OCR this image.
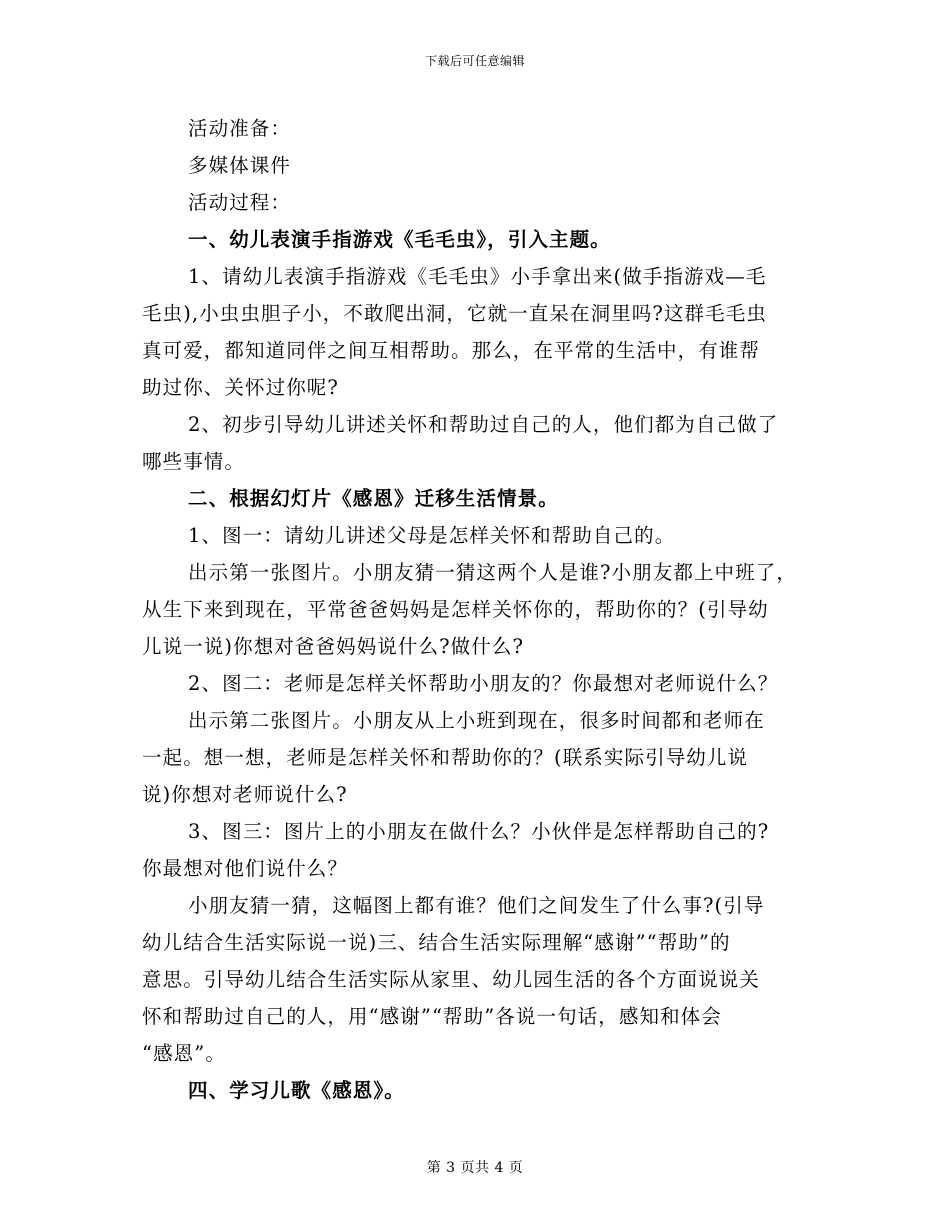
下载后可任意编辑

活动准备：

多媒体课件

活动过程：

一、幼儿表演手指游戏《毛毛虫》，引入主题。

1、请幼儿表演手指游戏《毛毛虫》小手拿出来(做手指游戏—毛
毛虫),小虫虫胆子小，不敢爬出洞，它就一直呆在洞里吗?这群毛毛虫
真可爱，都知道同伴之间互相帮助。那么，在平常的生活中，有谁帮
助过你、关怀过你呢?

2、初步引导幼儿讲述关怀和帮助过自己的人，他们都为自己做了
哪些事情。

二、根据幻灯片《感恩》迁移生活情景。

1、图一：请幼儿讲述父母是怎样关怀和帮助自己的。

出示第一张图片。小朋友猜一猜这两个人是谁?小朋友都上中班了，
从生下来到现在，平常爸爸妈妈是怎样关怀你的，帮助你的？(引导幼
儿说一说)你想对爸爸妈妈说什么?做什么?

2、图二：老师是怎样关怀帮助小朋友的？你最想对老师说什么？

出示第二张图片。小朋友从上小班到现在，很多时间都和老师在
一起。想一想，老师是怎样关怀和帮助你的？(联系实际引导幼儿说
说)你想对老师说什么?

3、图三：图片上的小朋友在做什么？小伙伴是怎样帮助自己的?
你最想对他们说什么？

小朋友猜一猜，这幅图上都有谁？他们之间发生了什么事?(引导
幼儿结合生活实际说一说)三、结合生活实际理解“感谢”“帮助”的
意思。引导幼儿结合生活实际从家里、幼儿园生活的各个方面说说关
怀和帮助过自己的人，用“感谢”“帮助”各说一句话，感知和体会
“感恩”。

四、学习儿歌《感恩》。

第 3 页共 4 页
